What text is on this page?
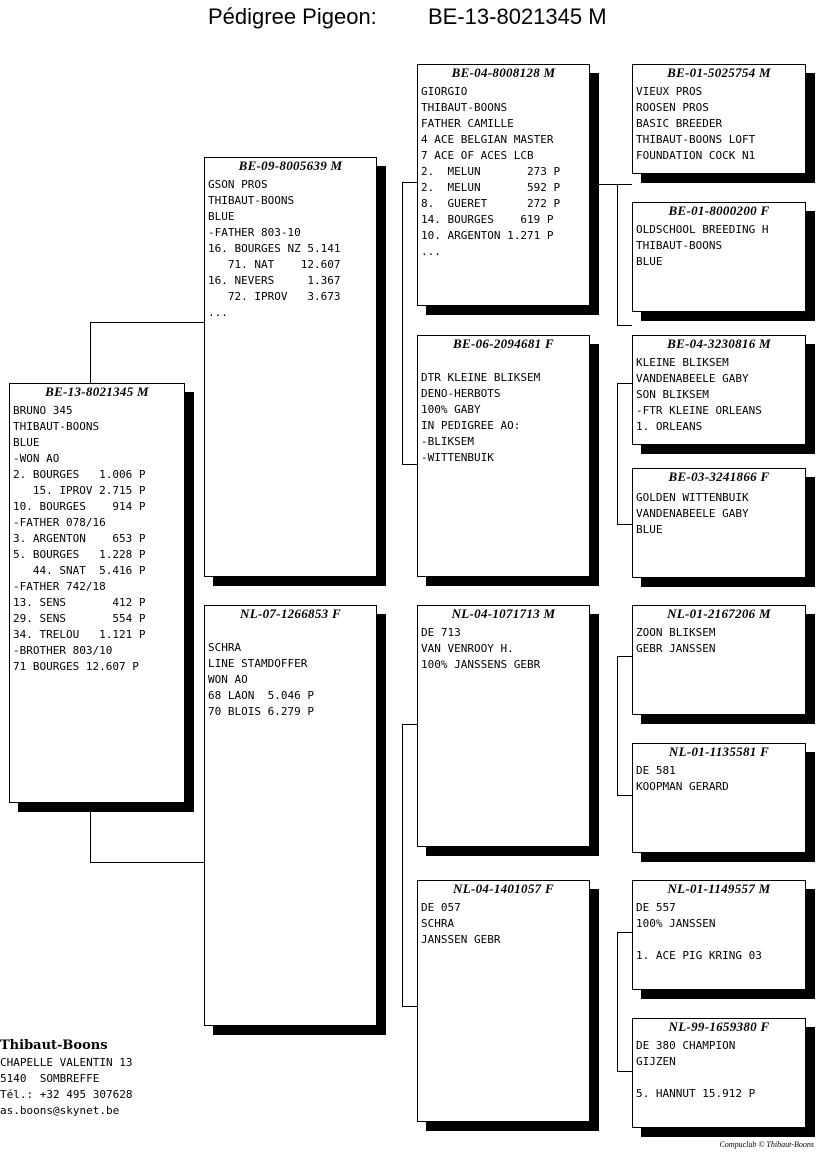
Pédigree Pigeon: BE-13-8021345 M
BE-13-8021345 M
BRUNO 345
THIBAUT-BOONS
BLUE
-WON AO
2. BOURGES   1.006 P
15. IPROV 2.715 P
10. BOURGES    914 P
-FATHER 078/16
3. ARGENTON    653 P
5. BOURGES   1.228 P
44. SNAT  5.416 P
-FATHER 742/18
13. SENS       412 P
29. SENS       554 P
34. TRELOU   1.121 P
-BROTHER 803/10
71 BOURGES 12.607 P
BE-09-8005639 M
GSON PROS
THIBAUT-BOONS
BLUE
-FATHER 803-10
16. BOURGES NZ 5.141
71. NAT    12.607
16. NEVERS     1.367
72. IPROV   3.673
...
NL-07-1266853 F
SCHRA
LINE STAMDOFFER
WON AO
68 LAON  5.046 P
70 BLOIS 6.279 P
BE-04-8008128 M
GIORGIO
THIBAUT-BOONS
FATHER CAMILLE
4 ACE BELGIAN MASTER
7 ACE OF ACES LCB
2.  MELUN       273 P
2.  MELUN       592 P
8.  GUERET      272 P
14. BOURGES    619 P
10. ARGENTON 1.271 P
...
BE-06-2094681 F
DTR KLEINE BLIKSEM
DENO-HERBOTS
100% GABY
IN PEDIGREE AO:
-BLIKSEM
-WITTENBUIK
NL-04-1071713 M
DE 713
VAN VENROOY H.
100% JANSSENS GEBR
NL-04-1401057 F
DE 057
SCHRA
JANSSEN GEBR
BE-01-5025754 M
VIEUX PROS
ROOSEN PROS
BASIC BREEDER
THIBAUT-BOONS LOFT
FOUNDATION COCK N1
BE-01-8000200 F
OLDSCHOOL BREEDING H
THIBAUT-BOONS
BLUE
BE-04-3230816 M
KLEINE BLIKSEM
VANDENABEELE GABY
SON BLIKSEM
-FTR KLEINE ORLEANS
1. ORLEANS
BE-03-3241866 F
GOLDEN WITTENBUIK
VANDENABEELE GABY
BLUE
NL-01-2167206 M
ZOON BLIKSEM
GEBR JANSSEN
NL-01-1135581 F
DE 581
KOOPMAN GERARD
NL-01-1149557 M
DE 557
100% JANSSEN
1. ACE PIG KRING 03
NL-99-1659380 F
DE 380 CHAMPION
GIJZEN
5. HANNUT 15.912 P
Thibaut-Boons
CHAPELLE VALENTIN 13
5140  SOMBREFFE
Tél.: +32 495 307628
as.boons@skynet.be
Compuclub © Thibaut-Boons
